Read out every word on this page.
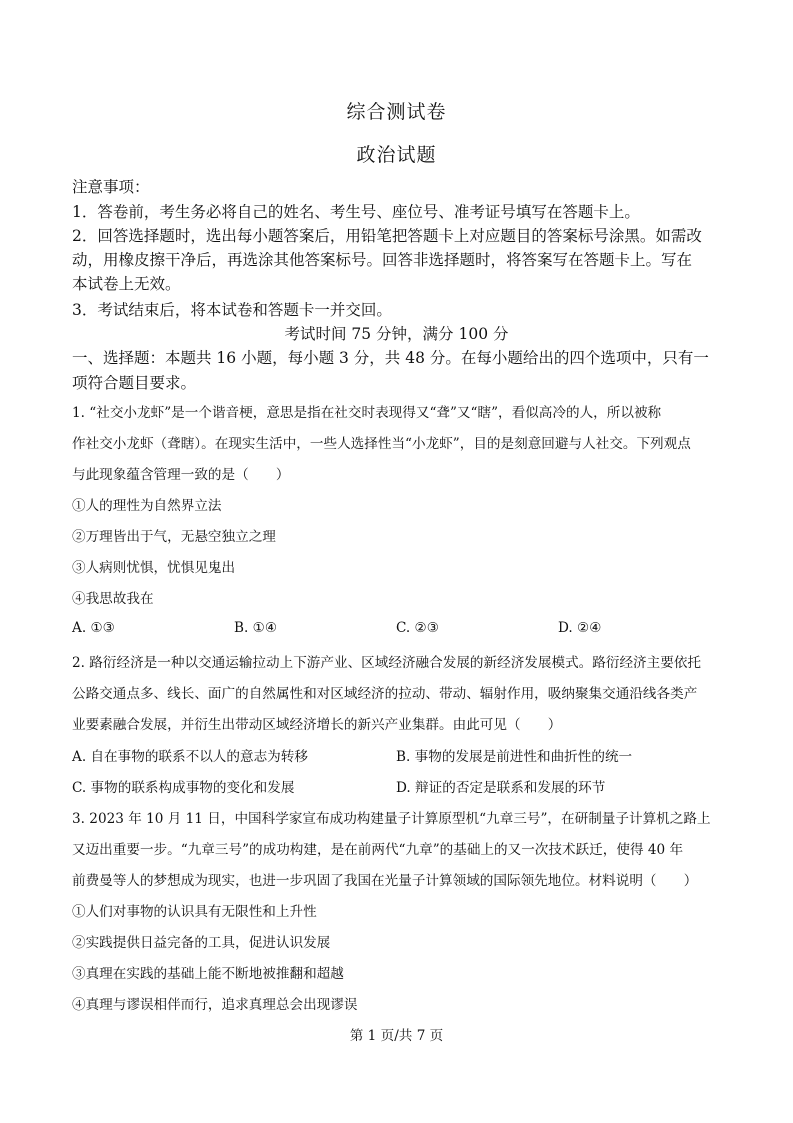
综合测试卷
政治试题
注意事项：
1．答卷前，考生务必将自己的姓名、考生号、座位号、准考证号填写在答题卡上。
2．回答选择题时，选出每小题答案后，用铅笔把答题卡上对应题目的答案标号涂黑。如需改
动，用橡皮擦干净后，再选涂其他答案标号。回答非选择题时，将答案写在答题卡上。写在
本试卷上无效。
3．考试结束后，将本试卷和答题卡一并交回。
考试时间 75 分钟，满分 100 分
一、选择题：本题共 16 小题，每小题 3 分，共 48 分。在每小题给出的四个选项中，只有一
项符合题目要求。
1. “社交小龙虾”是一个谐音梗，意思是指在社交时表现得又“聋”又“瞎”，看似高冷的人，所以被称
作社交小龙虾（聋瞎）。在现实生活中，一些人选择性当“小龙虾”，目的是刻意回避与人社交。下列观点
与此现象蕴含管理一致的是（　　）
①人的理性为自然界立法
②万理皆出于气，无悬空独立之理
③人病则忧惧，忧惧见鬼出
④我思故我在
A. ①③	B. ①④	C. ②③	D. ②④
2. 路衍经济是一种以交通运输拉动上下游产业、区域经济融合发展的新经济发展模式。路衍经济主要依托
公路交通点多、线长、面广的自然属性和对区域经济的拉动、带动、辐射作用，吸纳聚集交通沿线各类产
业要素融合发展，并衍生出带动区域经济增长的新兴产业集群。由此可见（　　）
A. 自在事物的联系不以人的意志为转移	B. 事物的发展是前进性和曲折性的统一
C. 事物的联系构成事物的变化和发展	D. 辩证的否定是联系和发展的环节
3. 2023 年 10 月 11 日，中国科学家宣布成功构建量子计算原型机“九章三号”，在研制量子计算机之路上
又迈出重要一步。“九章三号”的成功构建，是在前两代“九章”的基础上的又一次技术跃迁，使得 40 年
前费曼等人的梦想成为现实，也进一步巩固了我国在光量子计算领域的国际领先地位。材料说明（　　）
①人们对事物的认识具有无限性和上升性
②实践提供日益完备的工具，促进认识发展
③真理在实践的基础上能不断地被推翻和超越
④真理与谬误相伴而行，追求真理总会出现谬误
第 1 页/共 7 页
